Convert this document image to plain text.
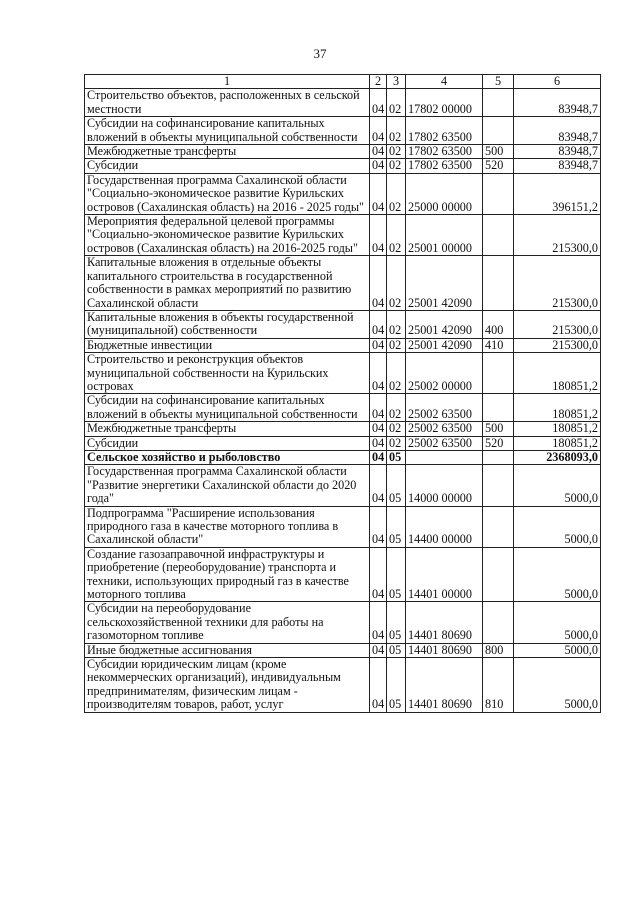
37
1	2	3	4	5	6
Строительство объектов, расположенных в сельской местности	04	02	17802 00000		83948,7
Субсидии на софинансирование капитальных вложений в объекты муниципальной собственности	04	02	17802 63500		83948,7
Межбюджетные трансферты	04	02	17802 63500	500	83948,7
Субсидии	04	02	17802 63500	520	83948,7
Государственная программа Сахалинской области "Социально-экономическое развитие Курильских островов (Сахалинская область) на 2016 - 2025 годы"	04	02	25000 00000		396151,2
Мероприятия федеральной целевой программы "Социально-экономическое развитие Курильских островов (Сахалинская область) на 2016-2025 годы"	04	02	25001 00000		215300,0
Капитальные вложения в отдельные объекты капитального строительства в государственной собственности в рамках мероприятий по развитию Сахалинской области	04	02	25001 42090		215300,0
Капитальные вложения в объекты государственной (муниципальной) собственности	04	02	25001 42090	400	215300,0
Бюджетные инвестиции	04	02	25001 42090	410	215300,0
Строительство и реконструкция объектов муниципальной собственности на Курильских островах	04	02	25002 00000		180851,2
Субсидии на софинансирование капитальных вложений в объекты муниципальной собственности	04	02	25002 63500		180851,2
Межбюджетные трансферты	04	02	25002 63500	500	180851,2
Субсидии	04	02	25002 63500	520	180851,2
Сельское хозяйство и рыболовство	04	05			2368093,0
Государственная программа Сахалинской области "Развитие энергетики Сахалинской области до 2020 года"	04	05	14000 00000		5000,0
Подпрограмма "Расширение использования природного газа в качестве моторного топлива в Сахалинской области"	04	05	14400 00000		5000,0
Создание газозаправочной инфраструктуры и приобретение (переоборудование) транспорта и техники, использующих природный газ в качестве моторного топлива	04	05	14401 00000		5000,0
Субсидии на переоборудование сельскохозяйственной техники для работы на газомоторном топливе	04	05	14401 80690		5000,0
Иные бюджетные ассигнования	04	05	14401 80690	800	5000,0
Субсидии юридическим лицам (кроме некоммерческих организаций), индивидуальным предпринимателям, физическим лицам - производителям товаров, работ, услуг	04	05	14401 80690	810	5000,0
